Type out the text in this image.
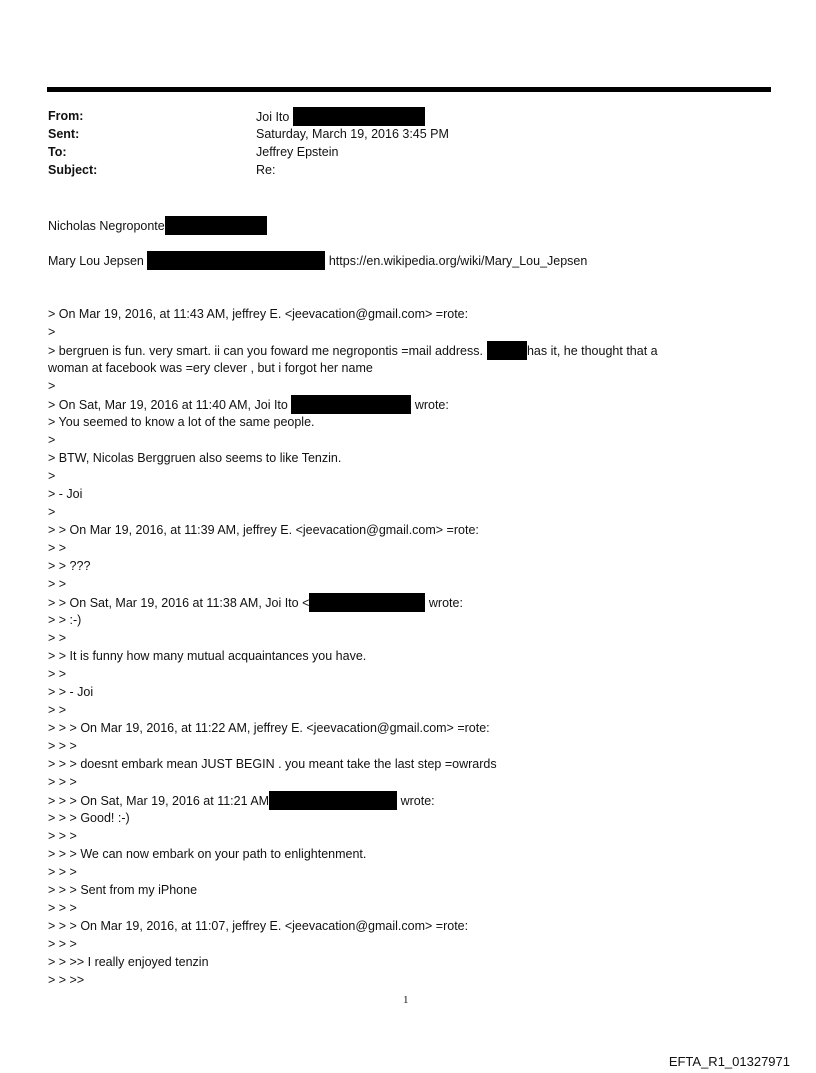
From:	Joi Ito
Sent:	Saturday, March 19, 2016 3:45 PM
To:	Jeffrey Epstein
Subject:	Re:
Nicholas Negroponte
Mary Lou Jepsen	https://en.wikipedia.org/wiki/Mary_Lou_Jepsen
> On Mar 19, 2016, at 11:43 AM, jeffrey E. <jeevacation@gmail.com> =rote:
>
> bergruen is fun. very smart. ii can you foward me negropontis =mail address.	has it, he thought that a
woman at facebook was =ery clever , but i forgot her name
>
> On Sat, Mar 19, 2016 at 11:40 AM, Joi Ito	wrote:
> You seemed to know a lot of the same people.
>
> BTW, Nicolas Berggruen also seems to like Tenzin.
>
> - Joi
>
> > On Mar 19, 2016, at 11:39 AM, jeffrey E. <jeevacation@gmail.com> =rote:
> >
> > ???
> >
> > On Sat, Mar 19, 2016 at 11:38 AM, Joi Ito <	wrote:
> > :-)
> >
> > It is funny how many mutual acquaintances you have.
> >
> > - Joi
> >
> > > On Mar 19, 2016, at 11:22 AM, jeffrey E. <jeevacation@gmail.com> =rote:
> > >
> > > doesnt embark mean JUST BEGIN . you meant take the last step =owrards
> > >
> > > On Sat, Mar 19, 2016 at 11:21 AM	wrote:
> > > Good! :-)
> > >
> > > We can now embark on your path to enlightenment.
> > >
> > > Sent from my iPhone
> > >
> > > On Mar 19, 2016, at 11:07, jeffrey E. <jeevacation@gmail.com> =rote:
> > >
> > >> I really enjoyed tenzin
> > >>
1
EFTA_R1_01327971
